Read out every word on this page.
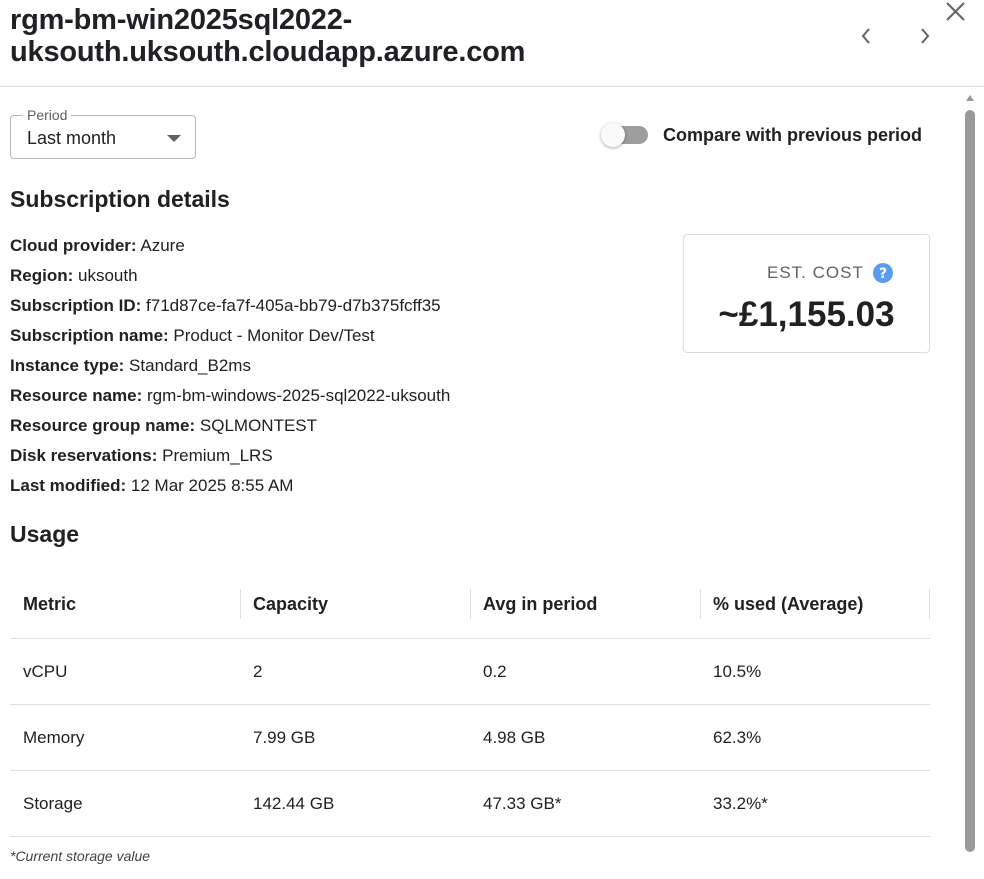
rgm-bm-win2025sql2022-
uksouth.uksouth.cloudapp.azure.com
Period
Last month	Compare with previous period
Subscription details
Cloud provider: Azure
Region: uksouth
Subscription ID: f71d87ce-fa7f-405a-bb79-d7b375fcff35
Subscription name: Product - Monitor Dev/Test
Instance type: Standard_B2ms
Resource name: rgm-bm-windows-2025-sql2022-uksouth
Resource group name: SQLMONTEST
Disk reservations: Premium_LRS
Last modified: 12 Mar 2025 8:55 AM
EST. COST ?
~£1,155.03
Usage
Metric	Capacity	Avg in period	% used (Average)
vCPU	2	0.2	10.5%
Memory	7.99 GB	4.98 GB	62.3%
Storage	142.44 GB	47.33 GB*	33.2%*
*Current storage value
